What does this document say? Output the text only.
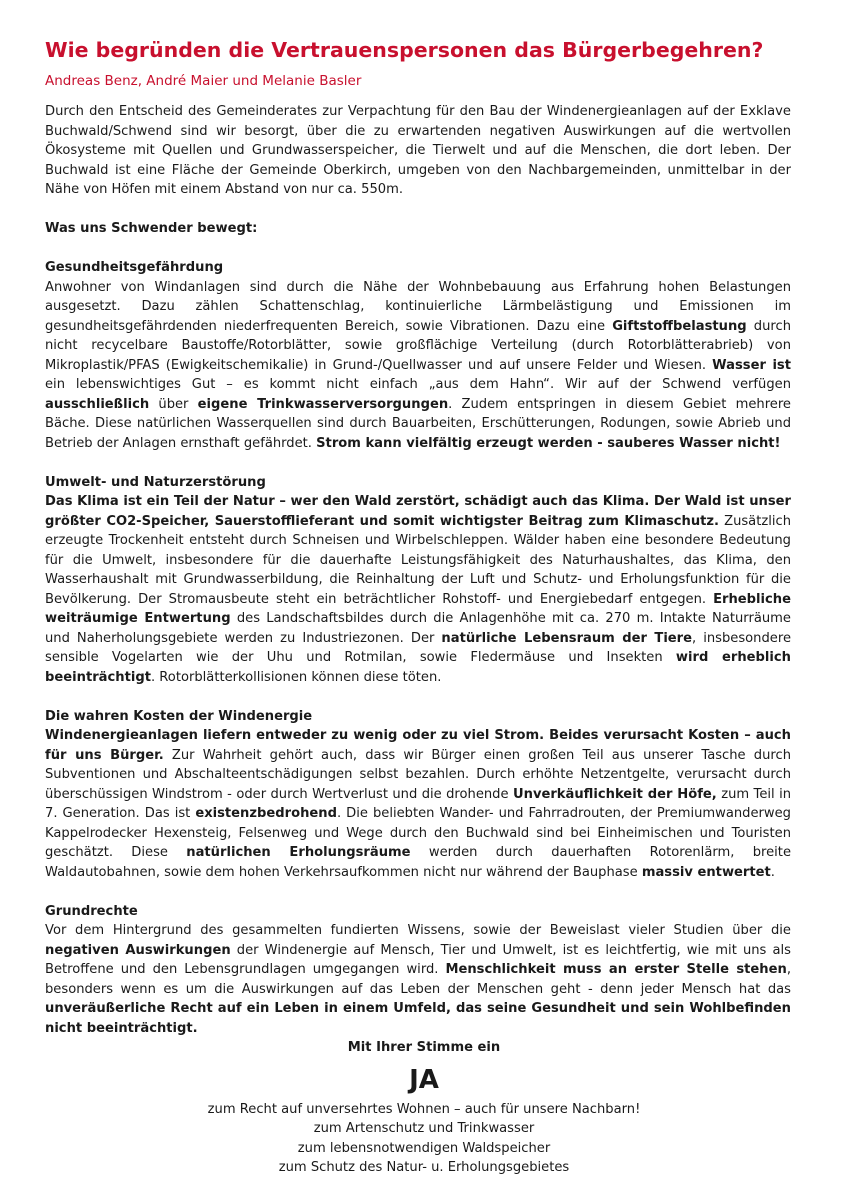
Wie begründen die Vertrauenspersonen das Bürgerbegehren?
Andreas Benz, André Maier und Melanie Basler

Durch den Entscheid des Gemeinderates zur Verpachtung für den Bau der Windenergieanlagen auf der Exklave Buchwald/Schwend sind wir besorgt, über die zu erwartenden negativen Auswirkungen auf die wertvollen Ökosysteme mit Quellen und Grundwasserspeicher, die Tierwelt und auf die Menschen, die dort leben. Der Buchwald ist eine Fläche der Gemeinde Oberkirch, umgeben von den Nachbargemeinden, unmittelbar in der Nähe von Höfen mit einem Abstand von nur ca. 550m.

Was uns Schwender bewegt:

Gesundheitsgefährdung

Anwohner von Windanlagen sind durch die Nähe der Wohnbebauung aus Erfahrung hohen Belastungen ausgesetzt. Dazu zählen Schattenschlag, kontinuierliche Lärmbelästigung und Emissionen im gesundheitsgefährdenden niederfrequenten Bereich, sowie Vibrationen. Dazu eine Giftstoffbelastung durch nicht recycelbare Baustoffe/Rotorblätter, sowie großflächige Verteilung (durch Rotorblätterabrieb) von Mikroplastik/PFAS (Ewigkeitschemikalie) in Grund-/Quellwasser und auf unsere Felder und Wiesen. Wasser ist ein lebenswichtiges Gut – es kommt nicht einfach „aus dem Hahn“. Wir auf der Schwend verfügen ausschließlich über eigene Trinkwasserversorgungen. Zudem entspringen in diesem Gebiet mehrere Bäche. Diese natürlichen Wasserquellen sind durch Bauarbeiten, Erschütterungen, Rodungen, sowie Abrieb und Betrieb der Anlagen ernsthaft gefährdet. Strom kann vielfältig erzeugt werden - sauberes Wasser nicht!

Umwelt- und Naturzerstörung

Das Klima ist ein Teil der Natur – wer den Wald zerstört, schädigt auch das Klima. Der Wald ist unser größter CO2-Speicher, Sauerstofflieferant und somit wichtigster Beitrag zum Klimaschutz. Zusätzlich erzeugte Trockenheit entsteht durch Schneisen und Wirbelschleppen. Wälder haben eine besondere Bedeutung für die Umwelt, insbesondere für die dauerhafte Leistungsfähigkeit des Naturhaushaltes, das Klima, den Wasserhaushalt mit Grundwasserbildung, die Reinhaltung der Luft und Schutz- und Erholungsfunktion für die Bevölkerung. Der Stromausbeute steht ein beträchtlicher Rohstoff- und Energiebedarf entgegen. Erhebliche weiträumige Entwertung des Landschaftsbildes durch die Anlagenhöhe mit ca. 270 m. Intakte Naturräume und Naherholungsgebiete werden zu Industriezonen. Der natürliche Lebensraum der Tiere, insbesondere sensible Vogelarten wie der Uhu und Rotmilan, sowie Fledermäuse und Insekten wird erheblich beeinträchtigt. Rotorblätterkollisionen können diese töten.

Die wahren Kosten der Windenergie

Windenergieanlagen liefern entweder zu wenig oder zu viel Strom. Beides verursacht Kosten – auch für uns Bürger. Zur Wahrheit gehört auch, dass wir Bürger einen großen Teil aus unserer Tasche durch Subventionen und Abschalteentschädigungen selbst bezahlen. Durch erhöhte Netzentgelte, verursacht durch überschüssigen Windstrom - oder durch Wertverlust und die drohende Unverkäuflichkeit der Höfe, zum Teil in 7. Generation. Das ist existenzbedrohend. Die beliebten Wander- und Fahrradrouten, der Premiumwanderweg Kappelrodecker Hexensteig, Felsenweg und Wege durch den Buchwald sind bei Einheimischen und Touristen geschätzt. Diese natürlichen Erholungsräume werden durch dauerhaften Rotorenlärm, breite Waldautobahnen, sowie dem hohen Verkehrsaufkommen nicht nur während der Bauphase massiv entwertet.

Grundrechte

Vor dem Hintergrund des gesammelten fundierten Wissens, sowie der Beweislast vieler Studien über die negativen Auswirkungen der Windenergie auf Mensch, Tier und Umwelt, ist es leichtfertig, wie mit uns als Betroffene und den Lebensgrundlagen umgegangen wird. Menschlichkeit muss an erster Stelle stehen, besonders wenn es um die Auswirkungen auf das Leben der Menschen geht - denn jeder Mensch hat das unveräußerliche Recht auf ein Leben in einem Umfeld, das seine Gesundheit und sein Wohlbefinden nicht beeinträchtigt.

Mit Ihrer Stimme ein
JA
zum Recht auf unversehrtes Wohnen – auch für unsere Nachbarn!
zum Artenschutz und Trinkwasser
zum lebensnotwendigen Waldspeicher
zum Schutz des Natur- u. Erholungsgebietes
